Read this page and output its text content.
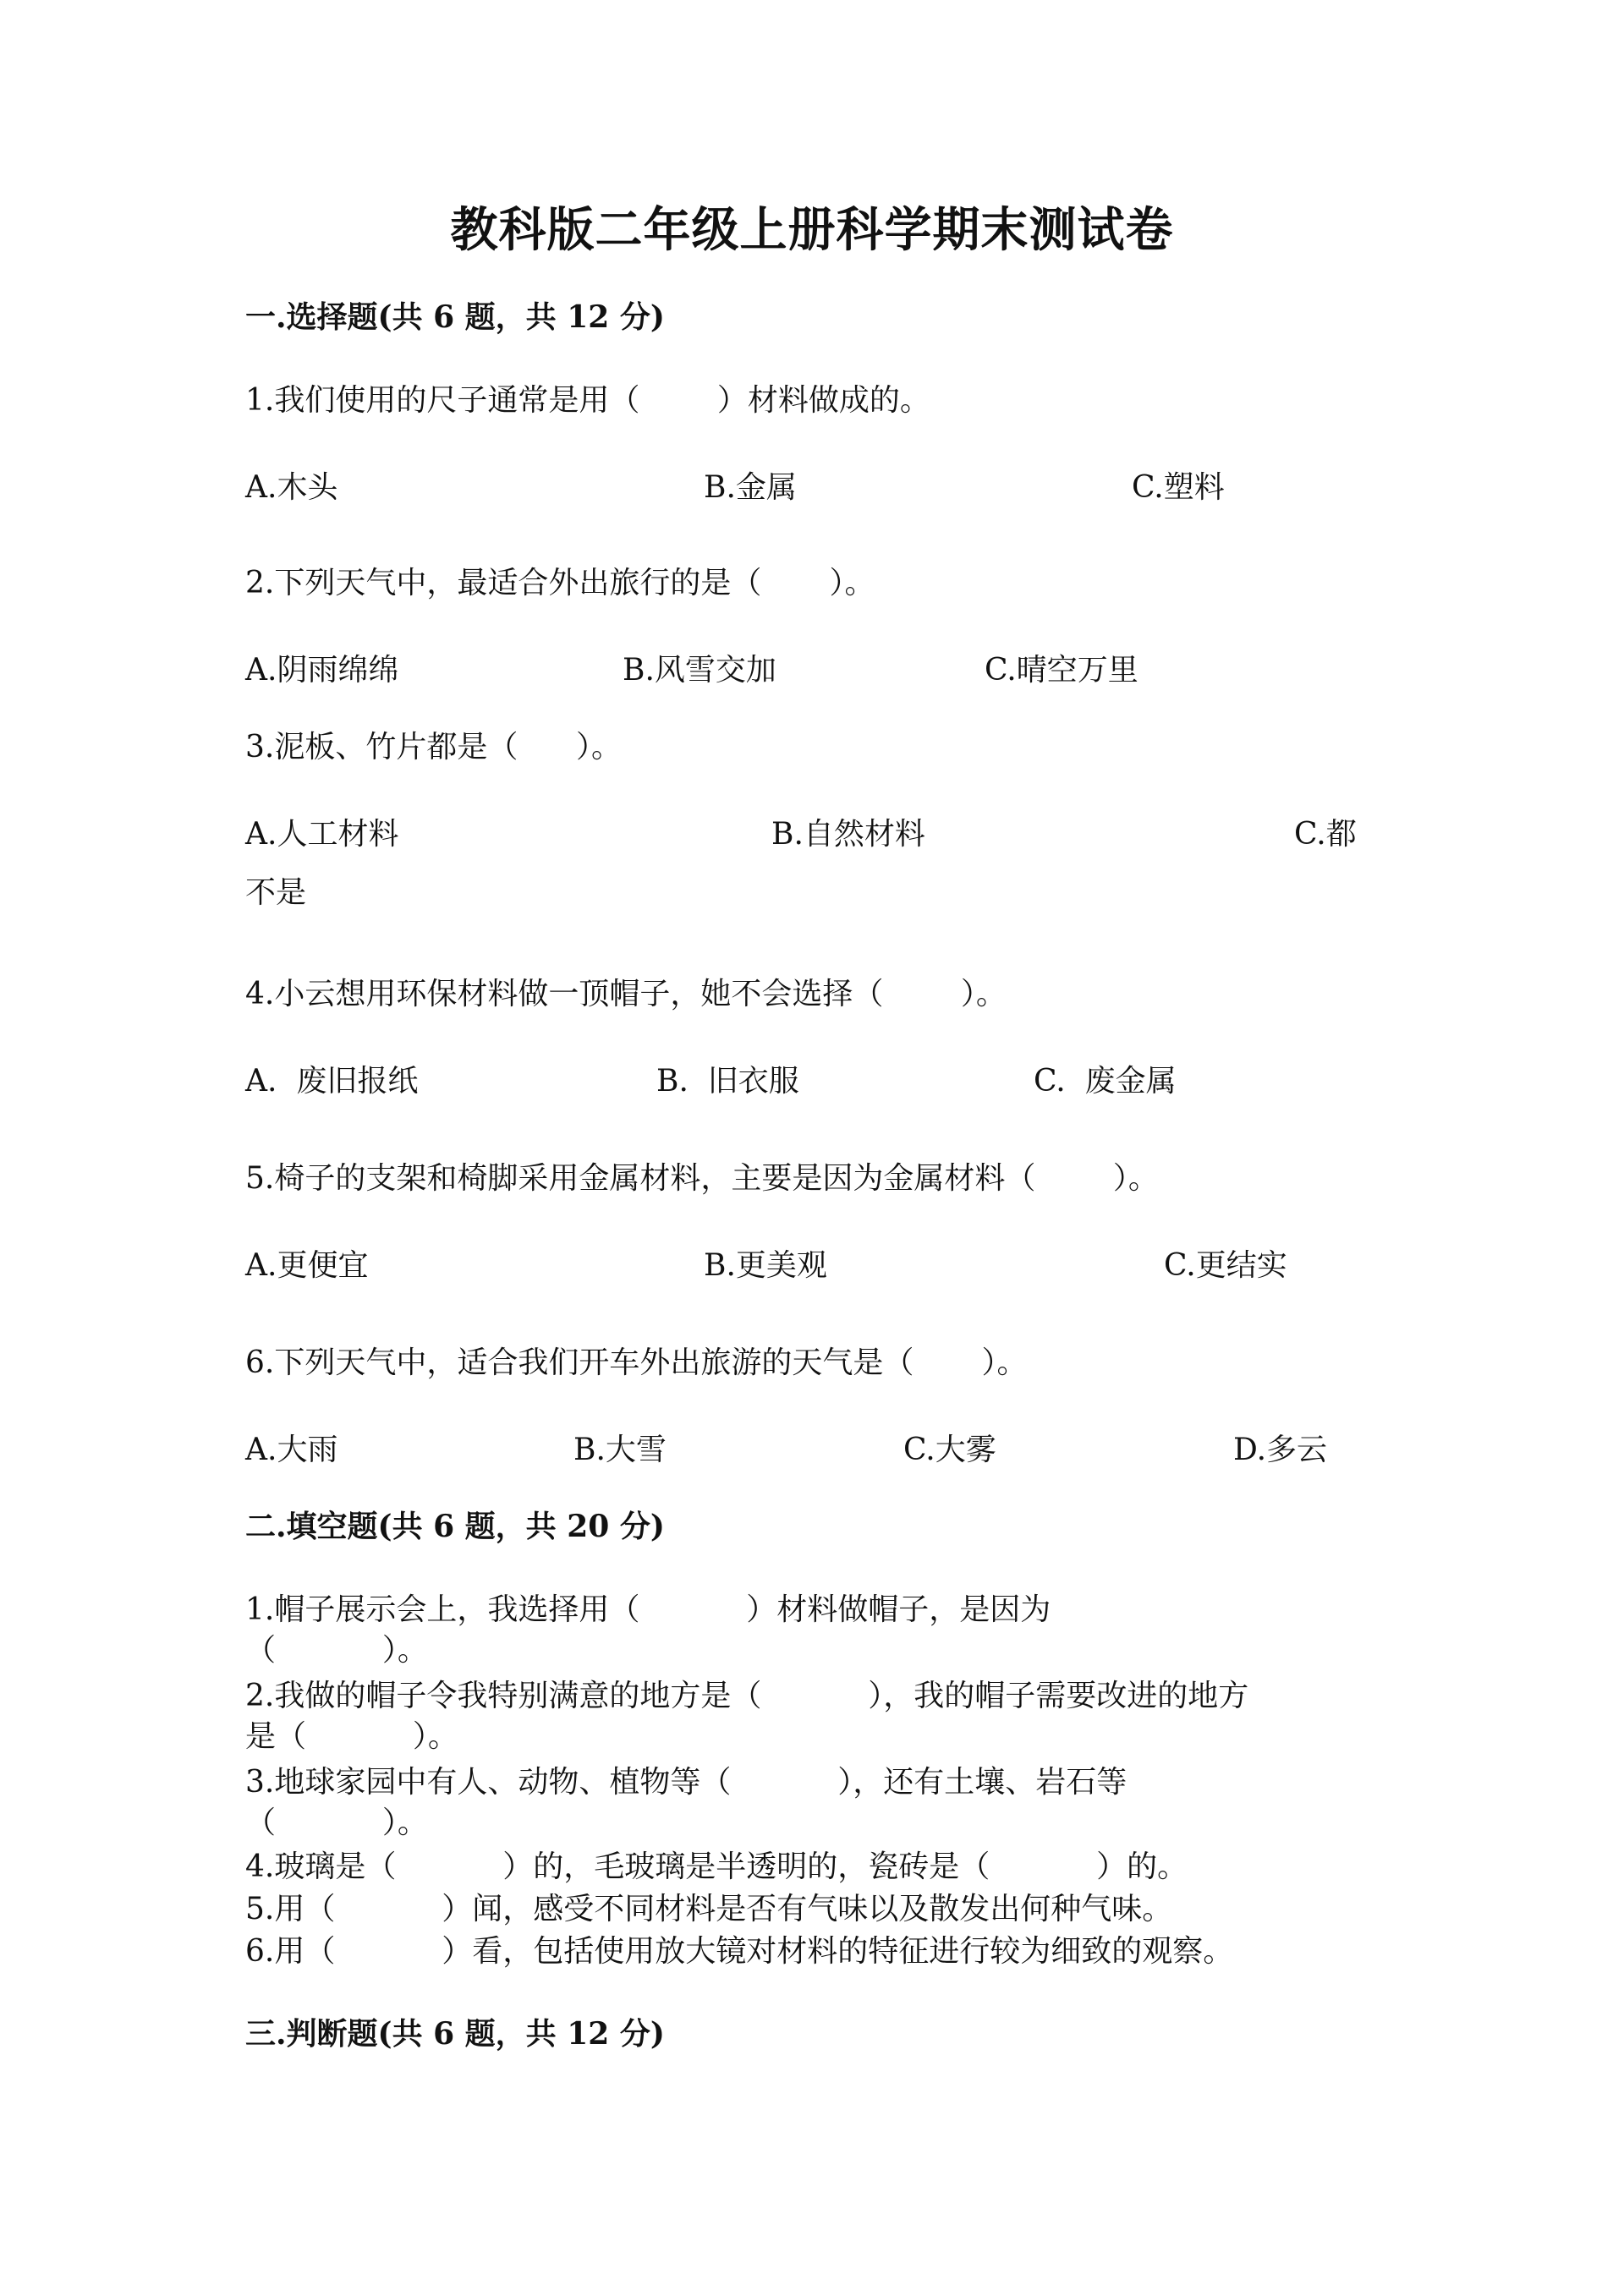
教科版二年级上册科学期末测试卷
一.选择题(共 6 题，共 12 分)
1.我们使用的尺子通常是用（        ）材料做成的。
A.木头	B.金属	C.塑料
2.下列天气中，最适合外出旅行的是（       ）。
A.阴雨绵绵	B.风雪交加	C.晴空万里
3.泥板、竹片都是（      ）。
A.人工材料	B.自然材料	C.都
不是
4.小云想用环保材料做一顶帽子，她不会选择（        ）。
A.  废旧报纸	B.  旧衣服	C.  废金属
5.椅子的支架和椅脚采用金属材料，主要是因为金属材料（        ）。
A.更便宜	B.更美观	C.更结实
6.下列天气中，适合我们开车外出旅游的天气是（       ）。
A.大雨	B.大雪	C.大雾	D.多云
二.填空题(共 6 题，共 20 分)
1.帽子展示会上，我选择用（           ）材料做帽子，是因为
（           ）。
2.我做的帽子令我特别满意的地方是（           ），我的帽子需要改进的地方
是（           ）。
3.地球家园中有人、动物、植物等（           ），还有土壤、岩石等
（           ）。
4.玻璃是（           ）的，毛玻璃是半透明的，瓷砖是（           ）的。
5.用（           ）闻，感受不同材料是否有气味以及散发出何种气味。
6.用（           ）看，包括使用放大镜对材料的特征进行较为细致的观察。
三.判断题(共 6 题，共 12 分)
